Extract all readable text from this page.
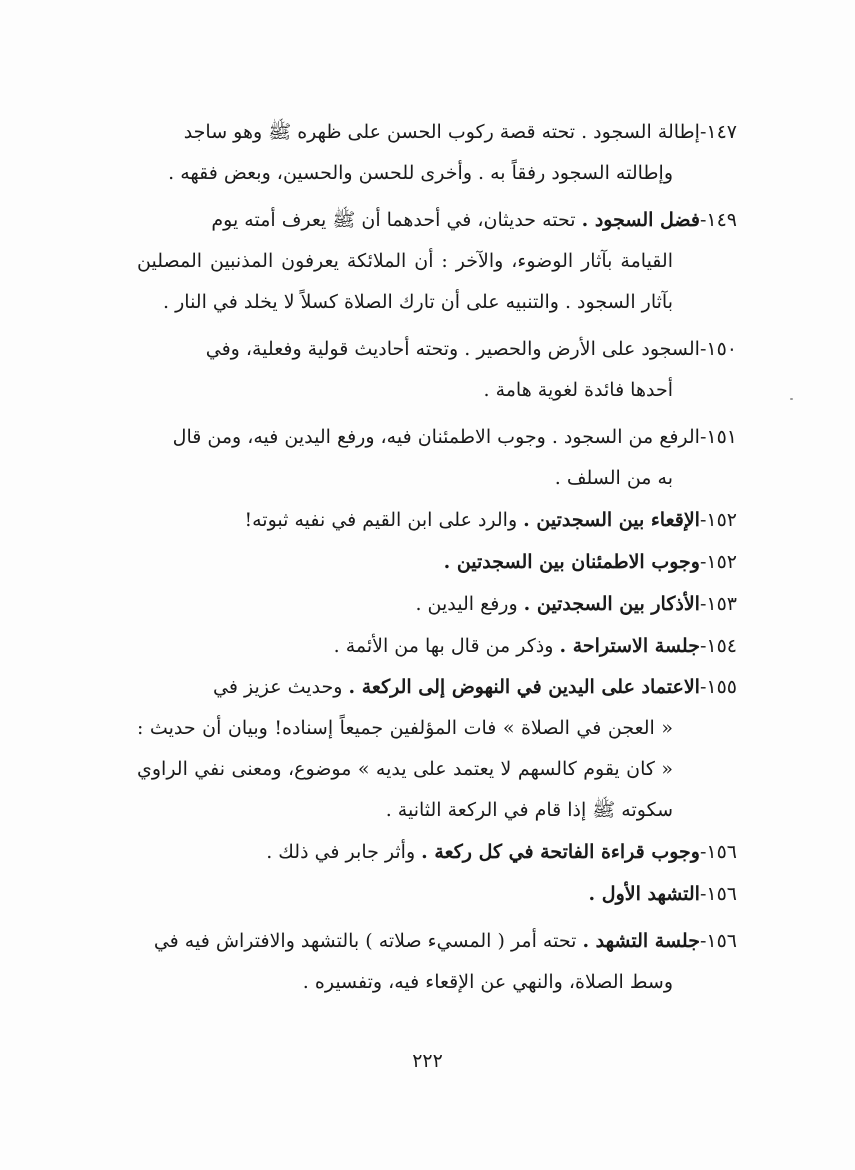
١٤٧-إطالة السجود . تحته قصة ركوب الحسن على ظهره ﷺ وهو ساجد
وإطالته السجود رفقاً به . وأخرى للحسن والحسين، وبعض فقهه .

١٤٩-فضل السجود . تحته حديثان، في أحدهما أن ﷺ يعرف أمته يوم
القيامة بآثار الوضوء، والآخر : أن الملائكة يعرفون المذنبين المصلين بآثار السجود . والتنبيه على أن تارك الصلاة كسلاً لا يخلد في النار .

١٥٠-السجود على الأرض والحصير . وتحته أحاديث قولية وفعلية، وفي
أحدها فائدة لغوية هامة .

١٥١-الرفع من السجود . وجوب الاطمئنان فيه، ورفع اليدين فيه، ومن قال
به من السلف .

١٥٢-الإقعاء بين السجدتين . والرد على ابن القيم في نفيه ثبوته!

١٥٢-وجوب الاطمئنان بين السجدتين .

١٥٣-الأذكار بين السجدتين . ورفع اليدين .

١٥٤-جلسة الاستراحة . وذكر من قال بها من الأئمة .

١٥٥-الاعتماد على اليدين في النهوض إلى الركعة . وحديث عزيز في
« العجن في الصلاة » فات المؤلفين جميعاً إسناده! وبيان أن حديث : « كان يقوم كالسهم لا يعتمد على يديه » موضوع، ومعنى نفي الراوي سكوته ﷺ إذا قام في الركعة الثانية .

١٥٦-وجوب قراءة الفاتحة في كل ركعة . وأثر جابر في ذلك .

١٥٦-التشهد الأول .

١٥٦-جلسة التشهد . تحته أمر ( المسيء صلاته ) بالتشهد والافتراش فيه في
وسط الصلاة، والنهي عن الإقعاء فيه، وتفسيره .

٢٢٢
